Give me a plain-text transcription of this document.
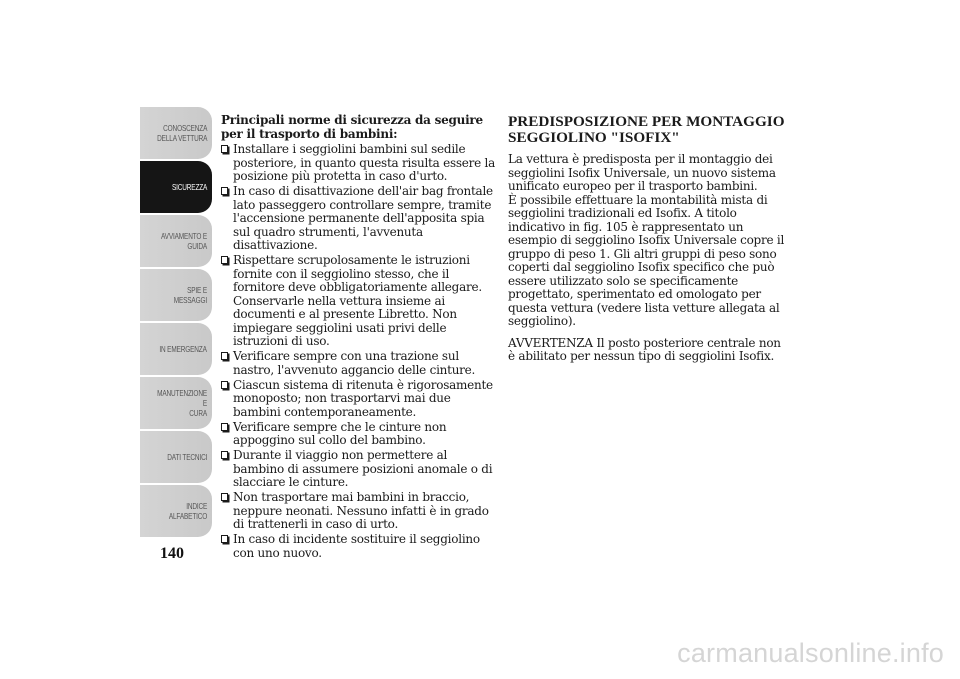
CONOSCENZA
DELLA VETTURA
SICUREZZA
AVVIAMENTO E
GUIDA
SPIE E MESSAGGI
IN EMERGENZA
MANUTENZIONE E
CURA
DATI TECNICI
INDICE
ALFABETICO
140
Principali norme di sicurezza da seguire per il trasporto di bambini:
Installare i seggiolini bambini sul sedile posteriore, in quanto questa risulta essere la posizione più protetta in caso d'urto.
In caso di disattivazione dell'air bag frontale lato passeggero controllare sempre, tramite l'accensione permanente dell'apposita spia sul quadro strumenti, l'avvenuta disattivazione.
Rispettare scrupolosamente le istruzioni fornite con il seggiolino stesso, che il fornitore deve obbligatoriamente allegare. Conservarle nella vettura insieme ai documenti e al presente Libretto. Non impiegare seggiolini usati privi delle istruzioni di uso.
Verificare sempre con una trazione sul nastro, l'avvenuto aggancio delle cinture.
Ciascun sistema di ritenuta è rigorosamente monoposto; non trasportarvi mai due bambini contemporaneamente.
Verificare sempre che le cinture non appoggino sul collo del bambino.
Durante il viaggio non permettere al bambino di assumere posizioni anomale o di slacciare le cinture.
Non trasportare mai bambini in braccio, neppure neonati. Nessuno infatti è in grado di trattenerli in caso di urto.
In caso di incidente sostituire il seggiolino con uno nuovo.
PREDISPOSIZIONE PER MONTAGGIO SEGGIOLINO "ISOFIX"

La vettura è predisposta per il montaggio dei seggiolini Isofix Universale, un nuovo sistema unificato europeo per il trasporto bambini.

È possibile effettuare la montabilità mista di seggiolini tradizionali ed Isofix. A titolo indicativo in fig. 105 è rappresentato un esempio di seggiolino Isofix Universale copre il gruppo di peso 1. Gli altri gruppi di peso sono coperti dal seggiolino Isofix specifico che può essere utilizzato solo se specificamente progettato, sperimentato ed omologato per questa vettura (vedere lista vetture allegata al seggiolino).

AVVERTENZA Il posto posteriore centrale non è abilitato per nessun tipo di seggiolini Isofix.

carmanualsonline.info
